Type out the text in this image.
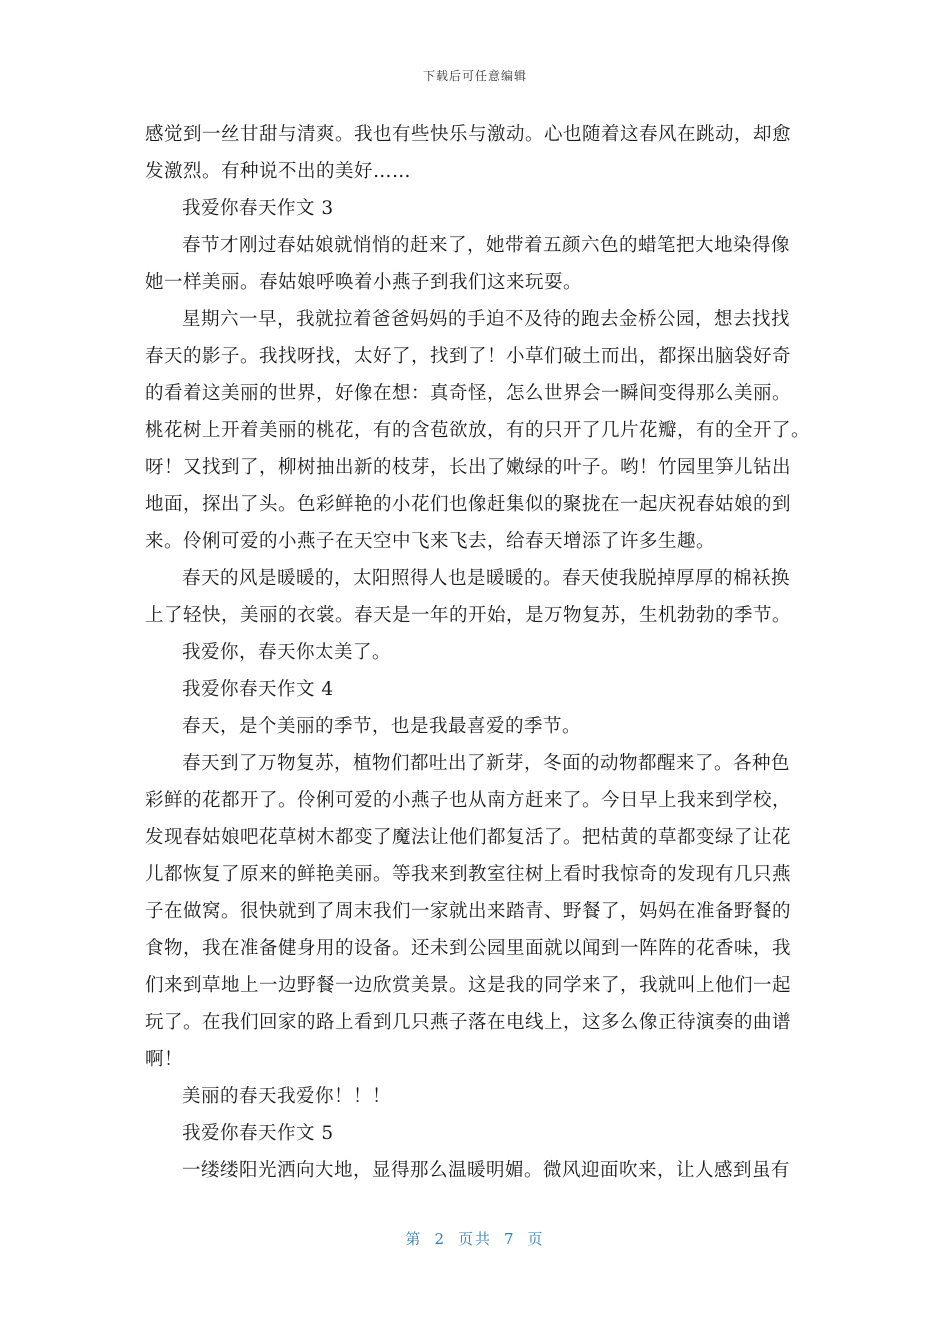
下载后可任意编辑
感觉到一丝甘甜与清爽。我也有些快乐与激动。心也随着这春风在跳动，却愈
发激烈。有种说不出的美好……
我爱你春天作文 3
春节才刚过春姑娘就悄悄的赶来了，她带着五颜六色的蜡笔把大地染得像
她一样美丽。春姑娘呼唤着小燕子到我们这来玩耍。
星期六一早，我就拉着爸爸妈妈的手迫不及待的跑去金桥公园，想去找找
春天的影子。我找呀找，太好了，找到了！小草们破土而出，都探出脑袋好奇
的看着这美丽的世界，好像在想：真奇怪，怎么世界会一瞬间变得那么美丽。
桃花树上开着美丽的桃花，有的含苞欲放，有的只开了几片花瓣，有的全开了。
呀！又找到了，柳树抽出新的枝芽，长出了嫩绿的叶子。哟！竹园里笋儿钻出
地面，探出了头。色彩鲜艳的小花们也像赶集似的聚拢在一起庆祝春姑娘的到
来。伶俐可爱的小燕子在天空中飞来飞去，给春天增添了许多生趣。
春天的风是暖暖的，太阳照得人也是暖暖的。春天使我脱掉厚厚的棉袄换
上了轻快，美丽的衣裳。春天是一年的开始，是万物复苏，生机勃勃的季节。
我爱你，春天你太美了。
我爱你春天作文 4
春天，是个美丽的季节，也是我最喜爱的季节。
春天到了万物复苏，植物们都吐出了新芽，冬面的动物都醒来了。各种色
彩鲜的花都开了。伶俐可爱的小燕子也从南方赶来了。今日早上我来到学校，
发现春姑娘吧花草树木都变了魔法让他们都复活了。把枯黄的草都变绿了让花
儿都恢复了原来的鲜艳美丽。等我来到教室往树上看时我惊奇的发现有几只燕
子在做窝。很快就到了周末我们一家就出来踏青、野餐了，妈妈在准备野餐的
食物，我在准备健身用的设备。还未到公园里面就以闻到一阵阵的花香味，我
们来到草地上一边野餐一边欣赏美景。这是我的同学来了，我就叫上他们一起
玩了。在我们回家的路上看到几只燕子落在电线上，这多么像正待演奏的曲谱
啊！
美丽的春天我爱你！！！
我爱你春天作文 5
一缕缕阳光洒向大地，显得那么温暖明媚。微风迎面吹来，让人感到虽有
第 2 页共 7 页
